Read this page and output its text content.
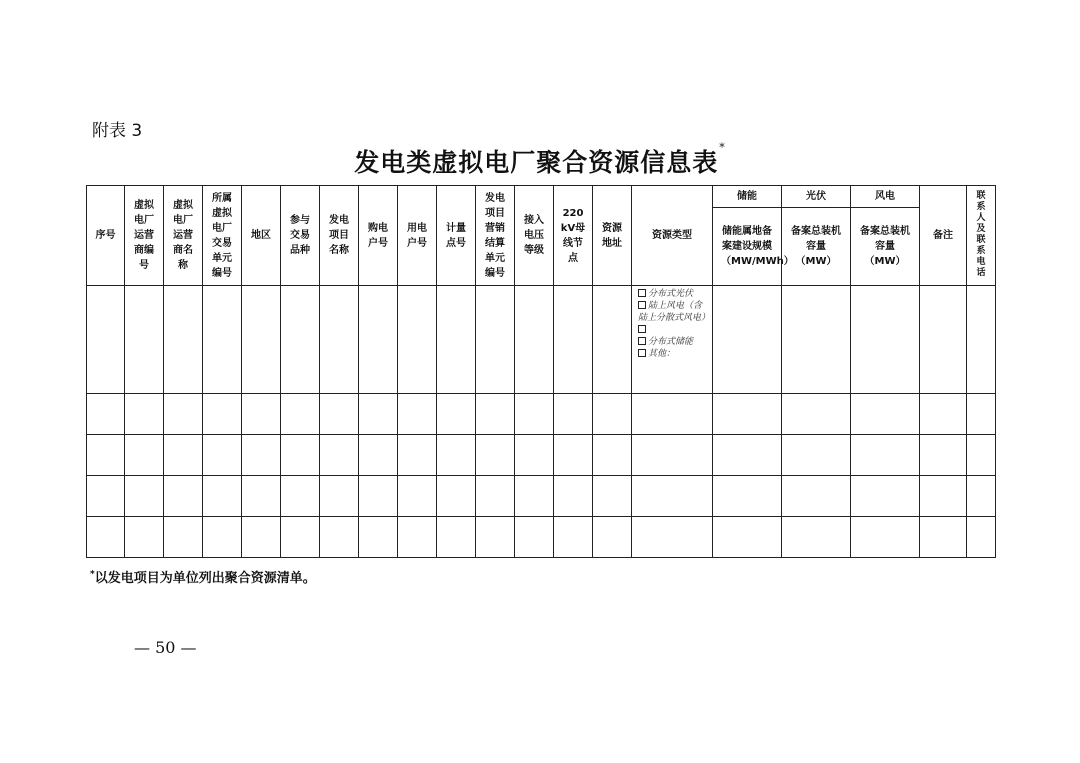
附表 3
发电类虚拟电厂聚合资源信息表*
序号	虚拟电厂运营商编号	虚拟电厂运营商名称	所属虚拟电厂交易单元编号	地区	参与交易品种	发电项目名称	购电户号	用电户号	计量点号	发电项目营销结算单元编号	接入电压等级	220kV母线节点	资源地址	资源类型	储能	光伏	风电	备注	联系人及联系电话
															储能属地备案建设规模（MW/MWh）	备案总装机容量（MW）	备案总装机容量（MW）		

														分布式光伏
陆上风电（含陆上分散式风电）
分布式储能
其他：					

*以发电项目为单位列出聚合资源清单。
— 50 —
